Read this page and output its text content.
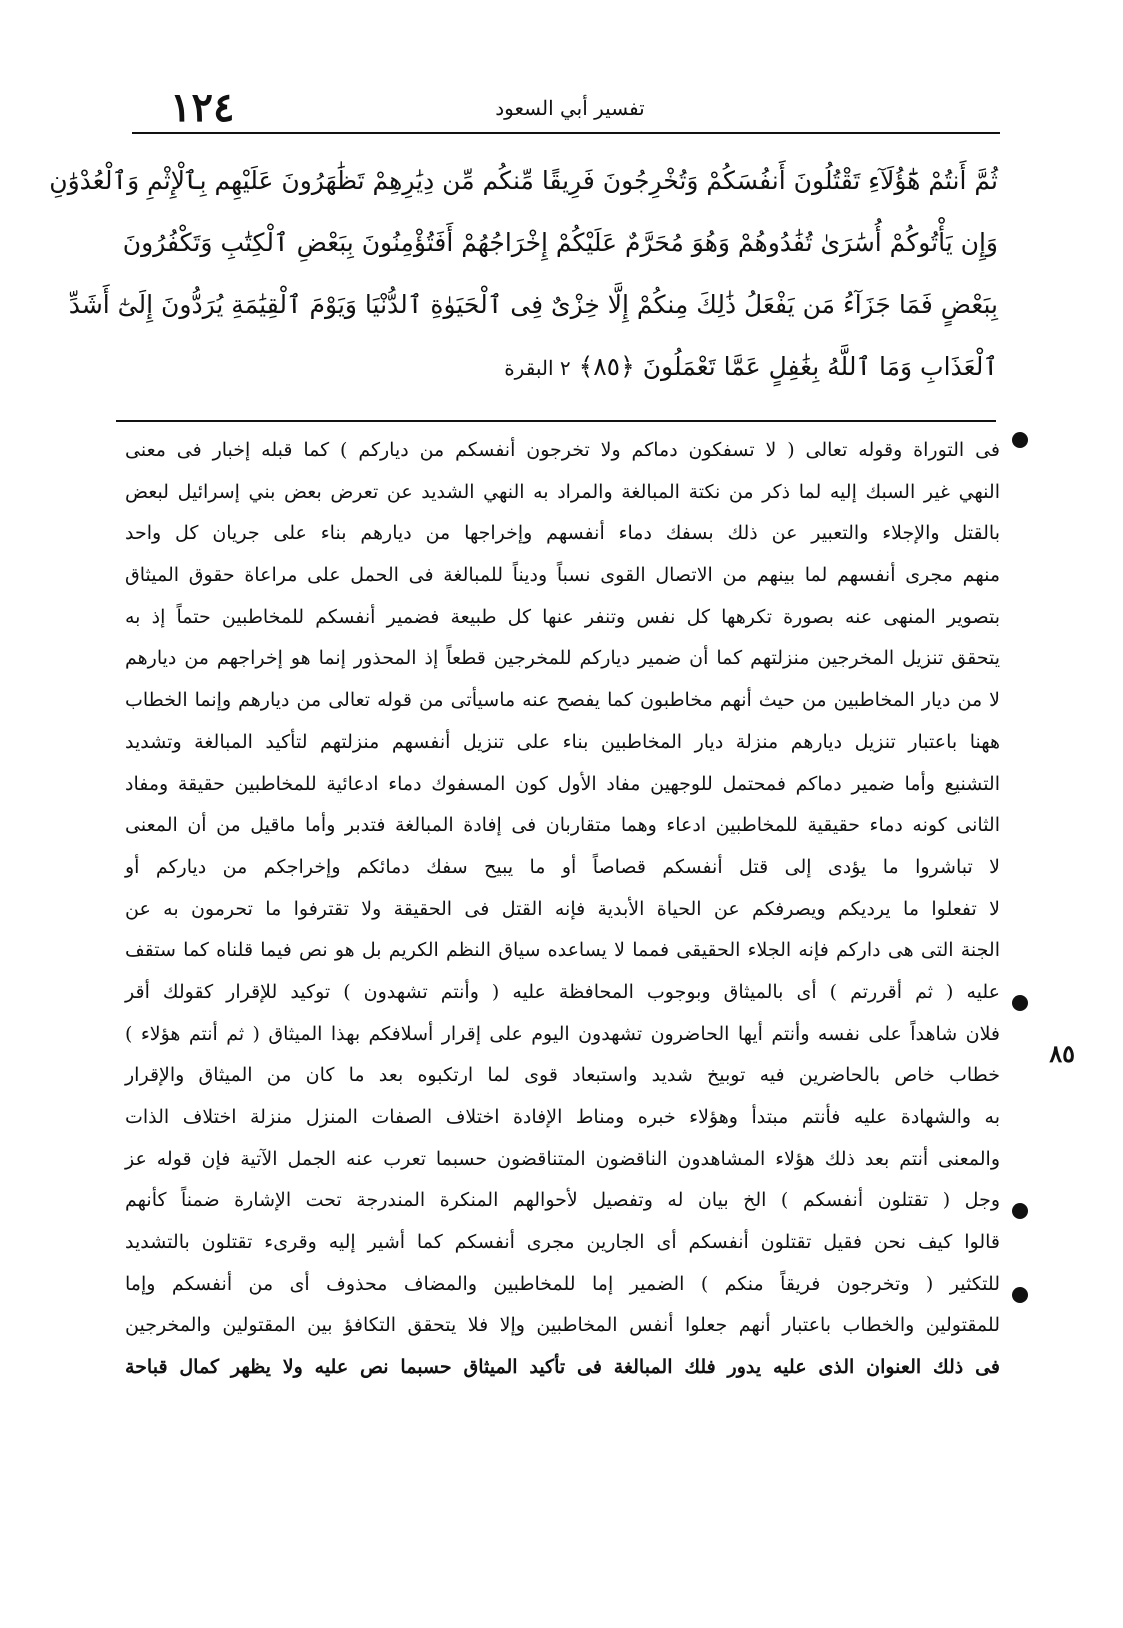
١٢٤	تفسير أبي السعود
ثُمَّ أَنتُمْ هَٰٓؤُلَآءِ تَقْتُلُونَ أَنفُسَكُمْ وَتُخْرِجُونَ فَرِيقًا مِّنكُم مِّن دِيَٰرِهِمْ تَظَٰهَرُونَ عَلَيْهِم بِٱلْإِثْمِ وَٱلْعُدْوَٰنِ
وَإِن يَأْتُوكُمْ أُسَٰرَىٰ تُفَٰدُوهُمْ وَهُوَ مُحَرَّمٌ عَلَيْكُمْ إِخْرَاجُهُمْ أَفَتُؤْمِنُونَ بِبَعْضِ ٱلْكِتَٰبِ وَتَكْفُرُونَ
بِبَعْضٍ فَمَا جَزَآءُ مَن يَفْعَلُ ذَٰلِكَ مِنكُمْ إِلَّا خِزْىٌ فِى ٱلْحَيَوٰةِ ٱلدُّنْيَا وَيَوْمَ ٱلْقِيَٰمَةِ يُرَدُّونَ إِلَىٰٓ أَشَدِّ
ٱلْعَذَابِ وَمَا ٱللَّهُ بِغَٰفِلٍ عَمَّا تَعْمَلُونَ ﴿٨٥﴾ ٢ البقرة
فى التوراة وقوله تعالى ( لا تسفكون دماكم ولا تخرجون أنفسكم من دياركم ) كما قبله إخبار فى معنى
النهي غير السبك إليه لما ذكر من نكتة المبالغة والمراد به النهي الشديد عن تعرض بعض بني إسرائيل لبعض
بالقتل والإجلاء والتعبير عن ذلك بسفك دماء أنفسهم وإخراجها من ديارهم بناء على جريان كل واحد
منهم مجرى أنفسهم لما بينهم من الاتصال القوى نسباً وديناً للمبالغة فى الحمل على مراعاة حقوق الميثاق
بتصوير المنهى عنه بصورة تكرهها كل نفس وتنفر عنها كل طبيعة فضمير أنفسكم للمخاطبين حتماً إذ به
يتحقق تنزيل المخرجين منزلتهم كما أن ضمير دياركم للمخرجين قطعاً إذ المحذور إنما هو إخراجهم من ديارهم
لا من ديار المخاطبين من حيث أنهم مخاطبون كما يفصح عنه ماسيأتى من قوله تعالى من ديارهم وإنما الخطاب
ههنا باعتبار تنزيل ديارهم منزلة ديار المخاطبين بناء على تنزيل أنفسهم منزلتهم لتأكيد المبالغة وتشديد
التشنيع وأما ضمير دماكم فمحتمل للوجهين مفاد الأول كون المسفوك دماء ادعائية للمخاطبين حقيقة ومفاد
الثانى كونه دماء حقيقية للمخاطبين ادعاء وهما متقاربان فى إفادة المبالغة فتدبر وأما ماقيل من أن المعنى
لا تباشروا ما يؤدى إلى قتل أنفسكم قصاصاً أو ما يبيح سفك دمائكم وإخراجكم من دياركم أو
لا تفعلوا ما يرديكم ويصرفكم عن الحياة الأبدية فإنه القتل فى الحقيقة ولا تقترفوا ما تحرمون به عن
الجنة التى هى داركم فإنه الجلاء الحقيقى فمما لا يساعده سياق النظم الكريم بل هو نص فيما قلناه كما ستقف
عليه ( ثم أقررتم ) أى بالميثاق وبوجوب المحافظة عليه ( وأنتم تشهدون ) توكيد للإقرار كقولك أقر
فلان شاهداً على نفسه وأنتم أيها الحاضرون تشهدون اليوم على إقرار أسلافكم بهذا الميثاق ( ثم أنتم هؤلاء )
خطاب خاص بالحاضرين فيه توبيخ شديد واستبعاد قوى لما ارتكبوه بعد ما كان من الميثاق والإقرار
به والشهادة عليه فأنتم مبتدأ وهؤلاء خبره ومناط الإفادة اختلاف الصفات المنزل منزلة اختلاف الذات
والمعنى أنتم بعد ذلك هؤلاء المشاهدون الناقضون المتناقضون حسبما تعرب عنه الجمل الآتية فإن قوله عز
وجل ( تقتلون أنفسكم ) الخ بيان له وتفصيل لأحوالهم المنكرة المندرجة تحت الإشارة ضمناً كأنهم
قالوا كيف نحن فقيل تقتلون أنفسكم أى الجارين مجرى أنفسكم كما أشير إليه وقرىء تقتلون بالتشديد
للتكثير ( وتخرجون فريقاً منكم ) الضمير إما للمخاطبين والمضاف محذوف أى من أنفسكم وإما
للمقتولين والخطاب باعتبار أنهم جعلوا أنفس المخاطبين وإلا فلا يتحقق التكافؤ بين المقتولين والمخرجين
فى ذلك العنوان الذى عليه يدور فلك المبالغة فى تأكيد الميثاق حسبما نص عليه ولا يظهر كمال قباحة
٨٥
